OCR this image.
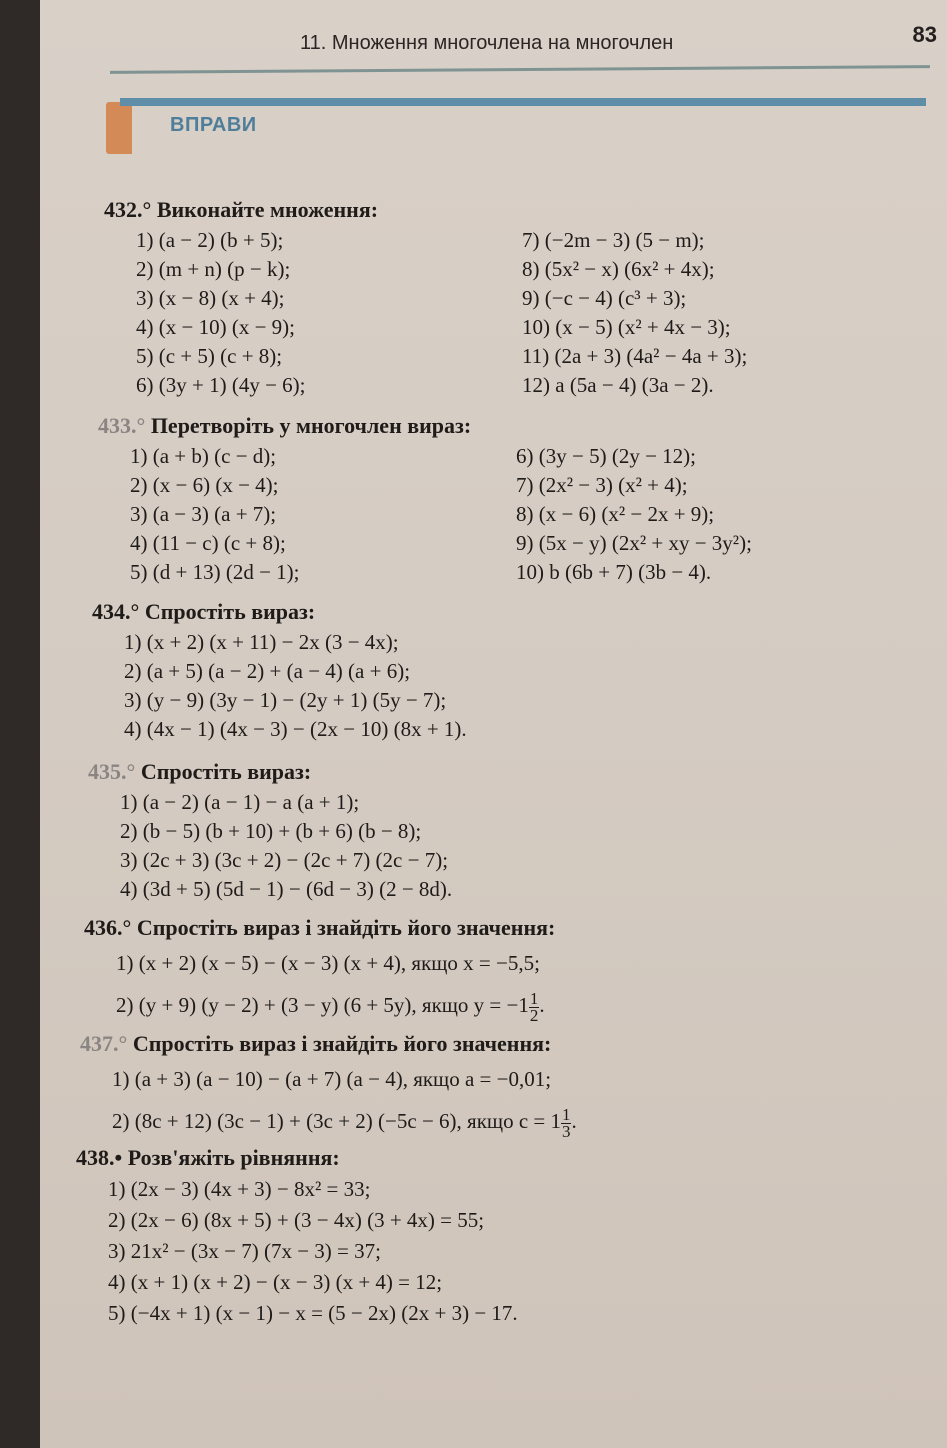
11. Множення многочлена на многочлен	83
ВПРАВИ
432.° Виконайте множення:
1) (a − 2) (b + 5);
2) (m + n) (p − k);
3) (x − 8) (x + 4);
4) (x − 10) (x − 9);
5) (c + 5) (c + 8);
6) (3y + 1) (4y − 6);
7) (−2m − 3) (5 − m);
8) (5x² − x) (6x² + 4x);
9) (−c − 4) (c³ + 3);
10) (x − 5) (x² + 4x − 3);
11) (2a + 3) (4a² − 4a + 3);
12) a (5a − 4) (3a − 2).
433.° Перетворіть у многочлен вираз:
1) (a + b) (c − d);
2) (x − 6) (x − 4);
3) (a − 3) (a + 7);
4) (11 − c) (c + 8);
5) (d + 13) (2d − 1);
6) (3y − 5) (2y − 12);
7) (2x² − 3) (x² + 4);
8) (x − 6) (x² − 2x + 9);
9) (5x − y) (2x² + xy − 3y²);
10) b (6b + 7) (3b − 4).
434.° Спростіть вираз:
1) (x + 2) (x + 11) − 2x (3 − 4x);
2) (a + 5) (a − 2) + (a − 4) (a + 6);
3) (y − 9) (3y − 1) − (2y + 1) (5y − 7);
4) (4x − 1) (4x − 3) − (2x − 10) (8x + 1).
435.° Спростіть вираз:
1) (a − 2) (a − 1) − a (a + 1);
2) (b − 5) (b + 10) + (b + 6) (b − 8);
3) (2c + 3) (3c + 2) − (2c + 7) (2c − 7);
4) (3d + 5) (5d − 1) − (6d − 3) (2 − 8d).
436.° Спростіть вираз і знайдіть його значення:
1) (x + 2) (x − 5) − (x − 3) (x + 4), якщо x = −5,5;
2) (y + 9) (y − 2) + (3 − y) (6 + 5y), якщо $y = -1 \frac{1}{2}$ .
437.° Спростіть вираз і знайдіть його значення:
1) (a + 3) (a − 10) − (a + 7) (a − 4), якщо a = −0,01;
2) (8c + 12) (3c − 1) + (3c + 2) (−5c − 6), якщо $c = 1 \frac{1}{3}$ .
438.• Розв'яжіть рівняння:
1) (2x − 3) (4x + 3) − 8x² = 33;
2) (2x − 6) (8x + 5) + (3 − 4x) (3 + 4x) = 55;
3) 21x² − (3x − 7) (7x − 3) = 37;
4) (x + 1) (x + 2) − (x − 3) (x + 4) = 12;
5) (−4x + 1) (x − 1) − x = (5 − 2x) (2x + 3) − 17.
